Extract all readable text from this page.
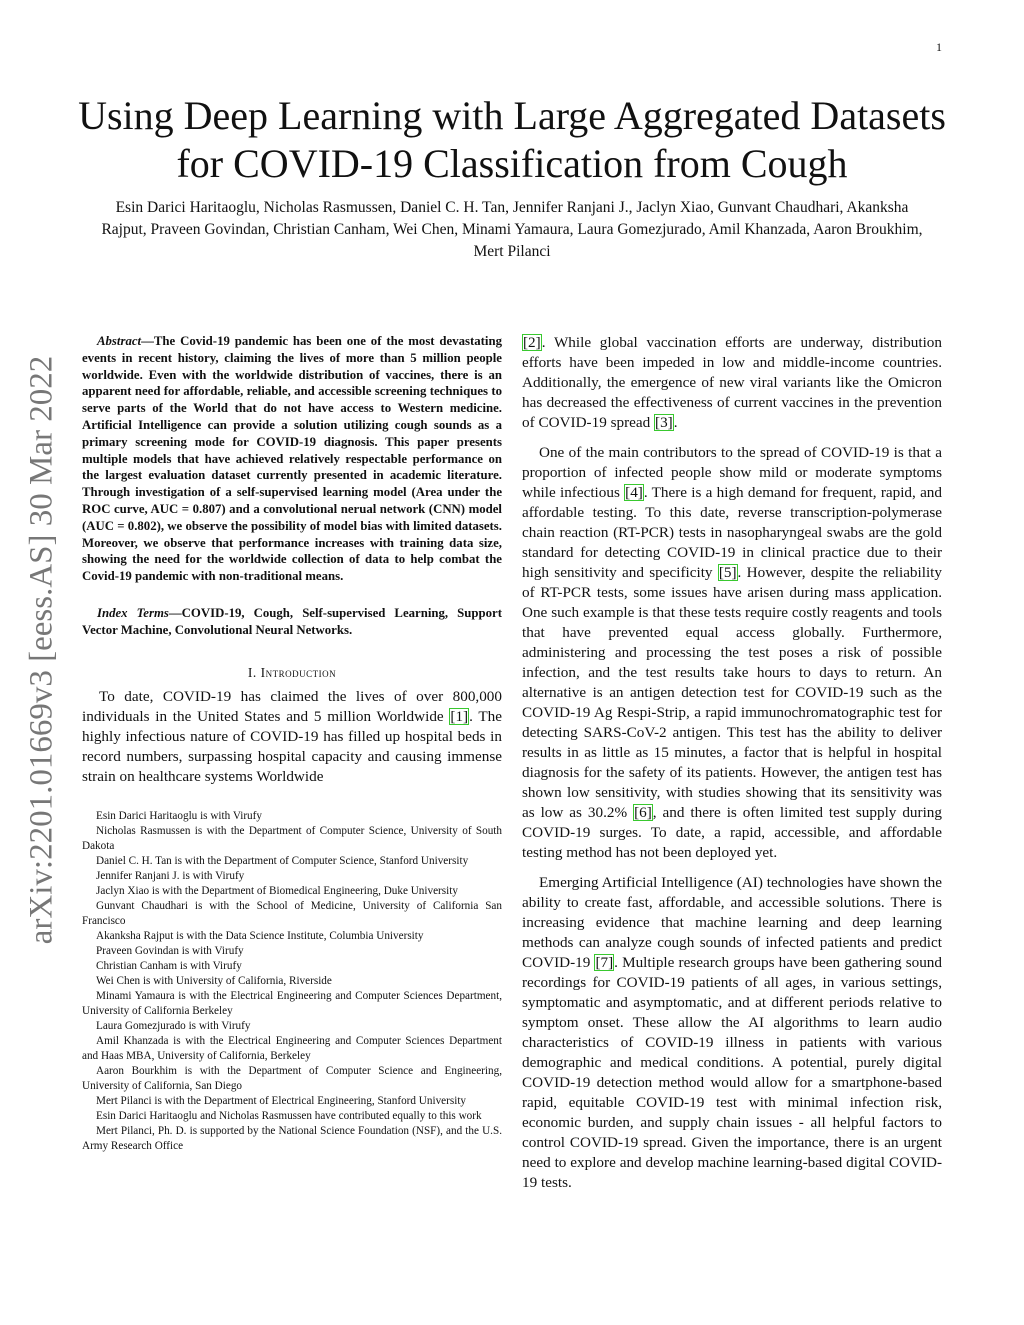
1
arXiv:2201.01669v3 [eess.AS] 30 Mar 2022
Using Deep Learning with Large Aggregated Datasets for COVID-19 Classification from Cough

Esin Darici Haritaoglu, Nicholas Rasmussen, Daniel C. H. Tan, Jennifer Ranjani J., Jaclyn Xiao, Gunvant Chaudhari, Akanksha Rajput, Praveen Govindan, Christian Canham, Wei Chen, Minami Yamaura, Laura Gomezjurado, Amil Khanzada, Aaron Broukhim, Mert Pilanci

Abstract—The Covid-19 pandemic has been one of the most devastating events in recent history, claiming the lives of more than 5 million people worldwide. Even with the worldwide distribution of vaccines, there is an apparent need for affordable, reliable, and accessible screening techniques to serve parts of the World that do not have access to Western medicine. Artificial Intelligence can provide a solution utilizing cough sounds as a primary screening mode for COVID-19 diagnosis. This paper presents multiple models that have achieved relatively respectable performance on the largest evaluation dataset currently presented in academic literature. Through investigation of a self-supervised learning model (Area under the ROC curve, AUC = 0.807) and a convolutional nerual network (CNN) model (AUC = 0.802), we observe the possibility of model bias with limited datasets. Moreover, we observe that performance increases with training data size, showing the need for the worldwide collection of data to help combat the Covid-19 pandemic with non-traditional means.

Index Terms—COVID-19, Cough, Self-supervised Learning, Support Vector Machine, Convolutional Neural Networks.

I. Introduction

To date, COVID-19 has claimed the lives of over 800,000 individuals in the United States and 5 million Worldwide [1]. The highly infectious nature of COVID-19 has filled up hospital beds in record numbers, surpassing hospital capacity and causing immense strain on healthcare systems Worldwide

Esin Darici Haritaoglu is with Virufy

Nicholas Rasmussen is with the Department of Computer Science, University of South Dakota

Daniel C. H. Tan is with the Department of Computer Science, Stanford University

Jennifer Ranjani J. is with Virufy

Jaclyn Xiao is with the Department of Biomedical Engineering, Duke University

Gunvant Chaudhari is with the School of Medicine, University of California San Francisco

Akanksha Rajput is with the Data Science Institute, Columbia University

Praveen Govindan is with Virufy

Christian Canham is with Virufy

Wei Chen is with University of California, Riverside

Minami Yamaura is with the Electrical Engineering and Computer Sciences Department, University of California Berkeley

Laura Gomezjurado is with Virufy

Amil Khanzada is with the Electrical Engineering and Computer Sciences Department and Haas MBA, University of California, Berkeley

Aaron Bourkhim is with the Department of Computer Science and Engineering, University of California, San Diego

Mert Pilanci is with the Department of Electrical Engineering, Stanford University

Esin Darici Haritaoglu and Nicholas Rasmussen have contributed equally to this work

Mert Pilanci, Ph. D. is supported by the National Science Foundation (NSF), and the U.S. Army Research Office

[2]. While global vaccination efforts are underway, distribution efforts have been impeded in low and middle-income countries. Additionally, the emergence of new viral variants like the Omicron has decreased the effectiveness of current vaccines in the prevention of COVID-19 spread [3].

One of the main contributors to the spread of COVID-19 is that a proportion of infected people show mild or moderate symptoms while infectious [4]. There is a high demand for frequent, rapid, and affordable testing. To this date, reverse transcription-polymerase chain reaction (RT-PCR) tests in nasopharyngeal swabs are the gold standard for detecting COVID-19 in clinical practice due to their high sensitivity and specificity [5]. However, despite the reliability of RT-PCR tests, some issues have arisen during mass application. One such example is that these tests require costly reagents and tools that have prevented equal access globally. Furthermore, administering and processing the test poses a risk of possible infection, and the test results take hours to days to return. An alternative is an antigen detection test for COVID-19 such as the COVID-19 Ag Respi-Strip, a rapid immunochromatographic test for detecting SARS-CoV-2 antigen. This test has the ability to deliver results in as little as 15 minutes, a factor that is helpful in hospital diagnosis for the safety of its patients. However, the antigen test has shown low sensitivity, with studies showing that its sensitivity was as low as 30.2% [6], and there is often limited test supply during COVID-19 surges. To date, a rapid, accessible, and affordable testing method has not been deployed yet.

Emerging Artificial Intelligence (AI) technologies have shown the ability to create fast, affordable, and accessible solutions. There is increasing evidence that machine learning and deep learning methods can analyze cough sounds of infected patients and predict COVID-19 [7]. Multiple research groups have been gathering sound recordings for COVID-19 patients of all ages, in various settings, symptomatic and asymptomatic, and at different periods relative to symptom onset. These allow the AI algorithms to learn audio characteristics of COVID-19 illness in patients with various demographic and medical conditions. A potential, purely digital COVID-19 detection method would allow for a smartphone-based rapid, equitable COVID-19 test with minimal infection risk, economic burden, and supply chain issues - all helpful factors to control COVID-19 spread. Given the importance, there is an urgent need to explore and develop machine learning-based digital COVID-19 tests.
